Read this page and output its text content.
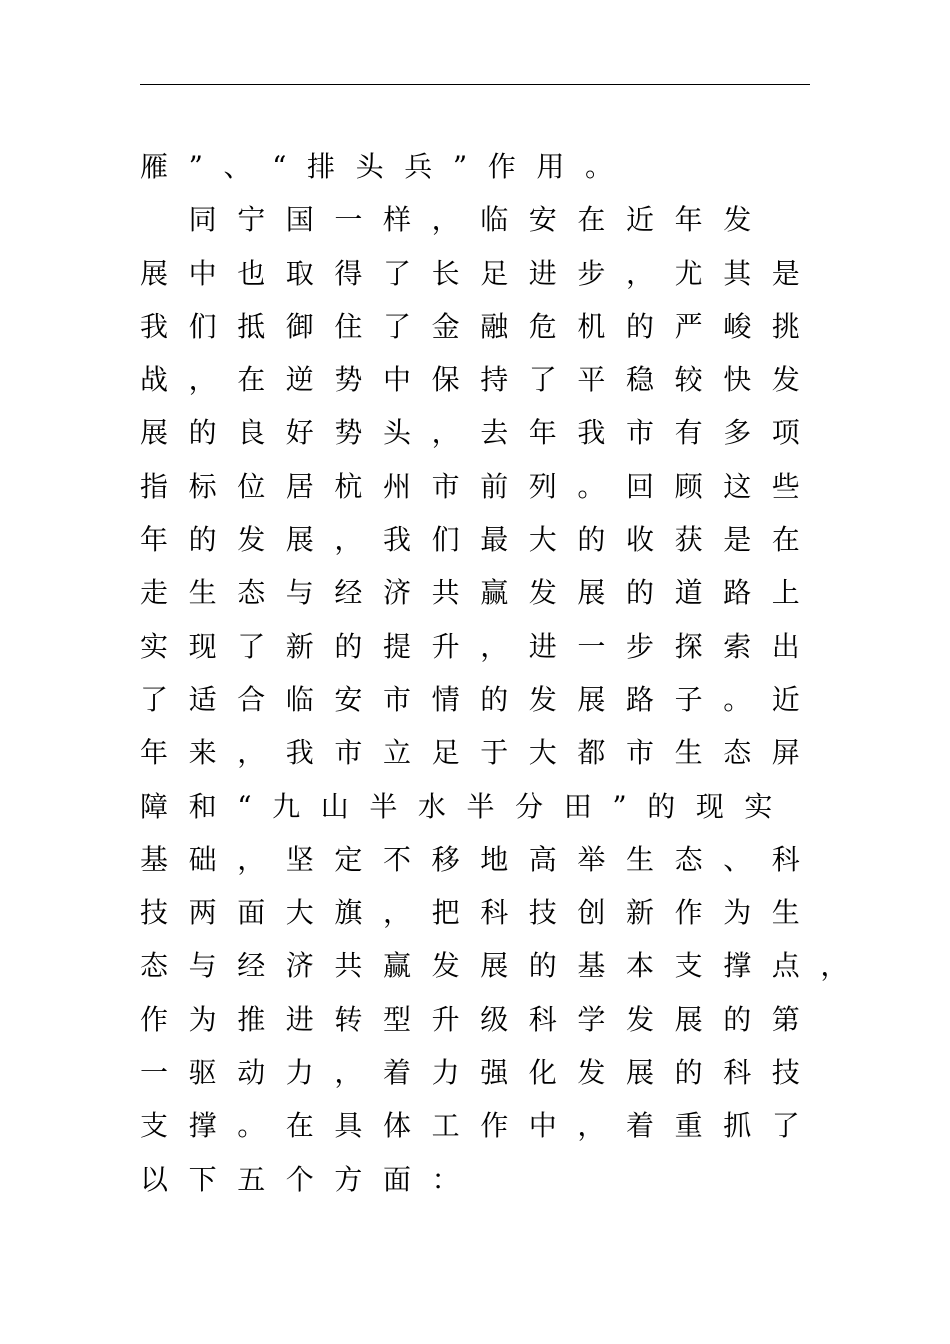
雁”、“排头兵”作用。

　同宁国一样，临安在近年发

展中也取得了长足进步，尤其是

我们抵御住了金融危机的严峻挑

战，在逆势中保持了平稳较快发

展的良好势头，去年我市有多项

指标位居杭州市前列。回顾这些

年的发展，我们最大的收获是在

走生态与经济共赢发展的道路上

实现了新的提升，进一步探索出

了适合临安市情的发展路子。近

年来，我市立足于大都市生态屏

障和“九山半水半分田”的现实

基础，坚定不移地高举生态、科

技两面大旗，把科技创新作为生

态与经济共赢发展的基本支撑点，

作为推进转型升级科学发展的第

一驱动力，着力强化发展的科技

支撑。在具体工作中，着重抓了

以下五个方面：
